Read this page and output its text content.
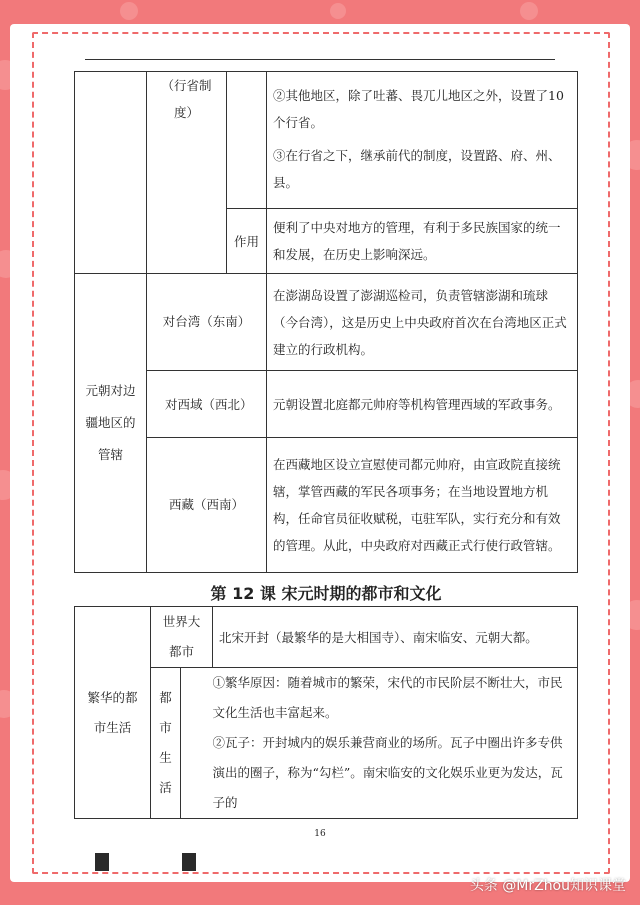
	（行省制度）		②其他地区，除了吐蕃、畏兀儿地区之外，设置了10个行省。
③在行省之下，继承前代的制度，设置路、府、州、县。

		作用	便利了中央对地方的管理，有利于多民族国家的统一和发展，在历史上影响深远。
元朝对边疆地区的管辖	对台湾（东南）		在澎湖岛设置了澎湖巡检司，负责管辖澎湖和琉球（今台湾），这是历史上中央政府首次在台湾地区正式建立的行政机构。
	对西域（西北）		元朝设置北庭都元帅府等机构管理西域的军政事务。
	西藏（西南）		在西藏地区设立宣慰使司都元帅府，由宣政院直接统辖，掌管西藏的军民各项事务；在当地设置地方机构，任命官员征收赋税，屯驻军队，实行充分和有效的管理。从此，中央政府对西藏正式行使行政管辖。
第 12 课 宋元时期的都市和文化
繁华的都市生活	世界大都市		北宋开封（最繁华的是大相国寺）、南宋临安、元朝大都。
	都市生活		①繁华原因：随着城市的繁荣，宋代的市民阶层不断壮大，市民文化生活也丰富起来。
②瓦子：开封城内的娱乐兼营商业的场所。瓦子中圈出许多专供演出的圈子，称为“勾栏”。南宋临安的文化娱乐业更为发达，瓦子的
16
头条 @MrZhou知识课堂
